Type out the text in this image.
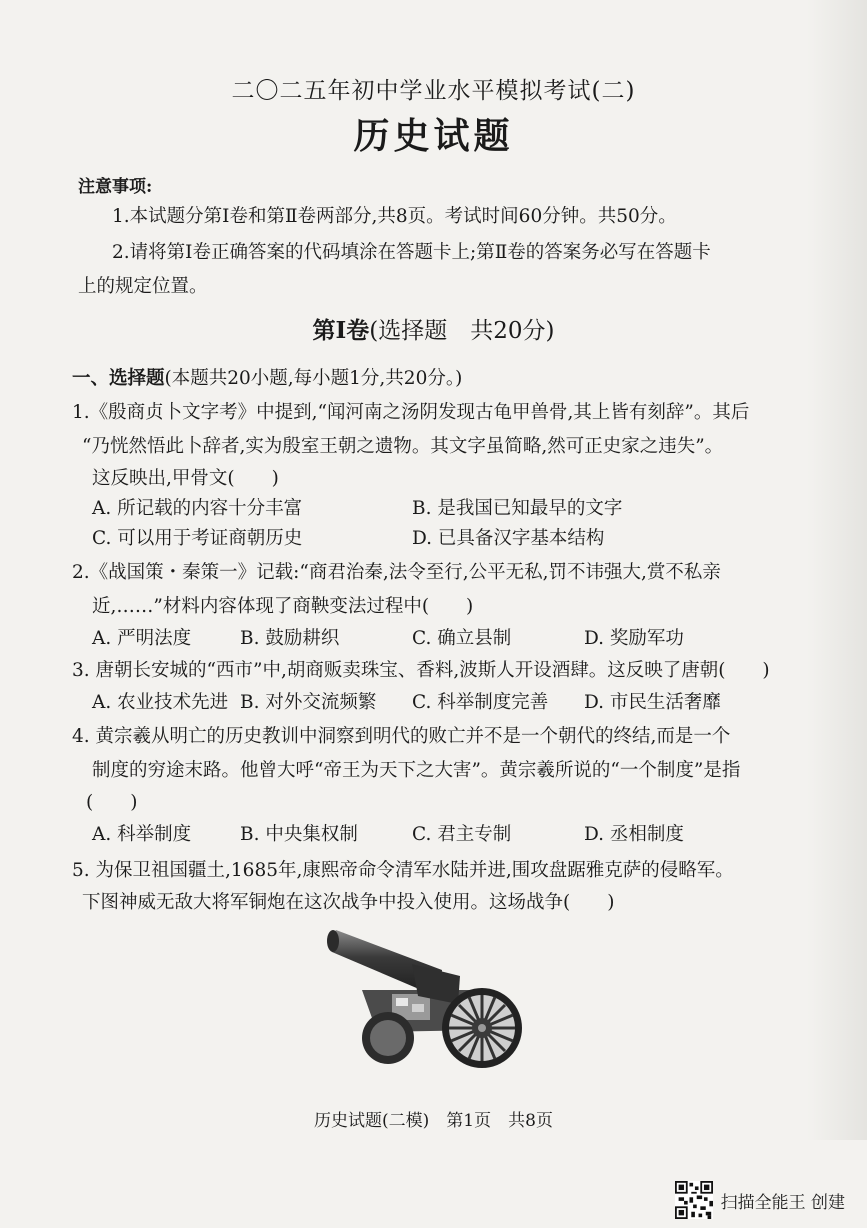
二〇二五年初中学业水平模拟考试(二)
历史试题
注意事项:
1.本试题分第Ⅰ卷和第Ⅱ卷两部分,共8页。考试时间60分钟。共50分。
2.请将第Ⅰ卷正确答案的代码填涂在答题卡上;第Ⅱ卷的答案务必写在答题卡
上的规定位置。
第Ⅰ卷(选择题　共20分)
一、选择题(本题共20小题,每小题1分,共20分。)
1.《殷商贞卜文字考》中提到,“闻河南之汤阴发现古龟甲兽骨,其上皆有刻辞”。其后
“乃恍然悟此卜辞者,实为殷室王朝之遗物。其文字虽简略,然可正史家之违失”。
这反映出,甲骨文(　　)
A. 所记载的内容十分丰富	B. 是我国已知最早的文字
C. 可以用于考证商朝历史	D. 已具备汉字基本结构
2.《战国策・秦策一》记载:“商君治秦,法令至行,公平无私,罚不讳强大,赏不私亲
近,……”材料内容体现了商鞅变法过程中(　　)
A. 严明法度	B. 鼓励耕织	C. 确立县制	D. 奖励军功
3. 唐朝长安城的“西市”中,胡商贩卖珠宝、香料,波斯人开设酒肆。这反映了唐朝(　　)
A. 农业技术先进 B. 对外交流频繁 C. 科举制度完善 D. 市民生活奢靡
4. 黄宗羲从明亡的历史教训中洞察到明代的败亡并不是一个朝代的终结,而是一个
制度的穷途末路。他曾大呼“帝王为天下之大害”。黄宗羲所说的“一个制度”是指
(　　)
A. 科举制度	B. 中央集权制	C. 君主专制	D. 丞相制度
5. 为保卫祖国疆土,1685年,康熙帝命令清军水陆并进,围攻盘踞雅克萨的侵略军。
下图神威无敌大将军铜炮在这次战争中投入使用。这场战争(　　)
历史试题(二模)　第1页　共8页
扫描全能王 创建
